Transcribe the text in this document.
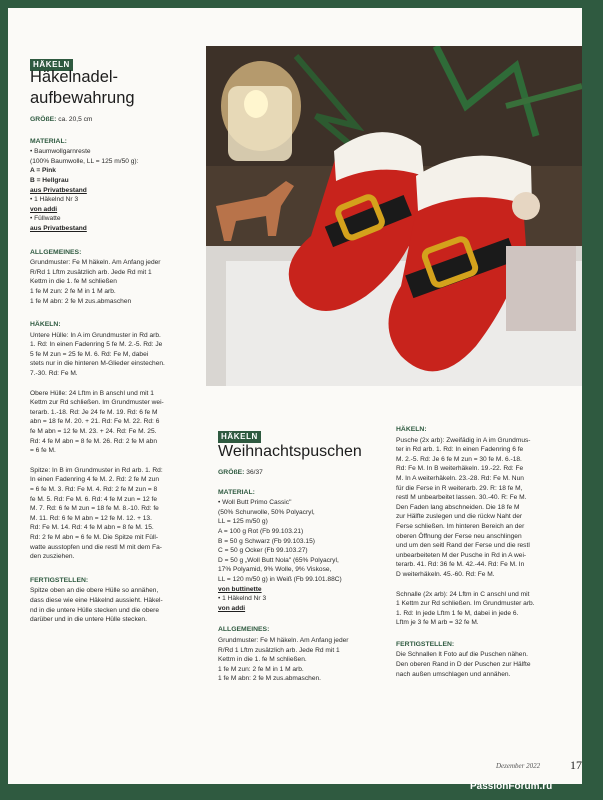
HÄKELN
Häkelnadel-
aufbewahrung

GRÖßE: ca. 20,5 cm

MATERIAL:
• Baumwollgarnreste
(100% Baumwolle, LL = 125 m/50 g):
A = Pink
B = Hellgrau
aus Privatbestand
• 1 Häkelnd Nr 3
von addi
• Füllwatte
aus Privatbestand
ALLGEMEINES:
Grundmuster: Fe M häkeln. Am Anfang jeder
R/Rd 1 Lftm zusätzlich arb. Jede Rd mit 1
Kettm in die 1. fe M schließen
1 fe M zun: 2 fe M in 1 M arb.
1 fe M abn: 2 fe M zus.abmaschen
HÄKELN:
Untere Hülle: In A im Grundmuster in Rd arb.
1. Rd: In einen Fadenring 5 fe M. 2.-5. Rd: Je
5 fe M zun = 25 fe M. 6. Rd: Fe M, dabei
stets nur in die hinteren M-Glieder einstechen.
7.-30. Rd: Fe M.
Obere Hülle: 24 Lftm in B anschl und mit 1
Kettm zur Rd schließen. Im Grundmuster wei-
terarb. 1.-18. Rd: Je 24 fe M. 19. Rd: 6 fe M
abn = 18 fe M. 20. + 21. Rd: Fe M. 22. Rd: 6
fe M abn = 12 fe M. 23. + 24. Rd: Fe M. 25.
Rd: 4 fe M abn = 8 fe M. 26. Rd: 2 fe M abn
= 6 fe M.
Spitze: In B im Grundmuster in Rd arb. 1. Rd:
In einen Fadenring 4 fe M. 2. Rd: 2 fe M zun
= 6 fe M. 3. Rd: Fe M. 4. Rd: 2 fe M zun = 8
fe M. 5. Rd: Fe M. 6. Rd: 4 fe M zun = 12 fe
M. 7. Rd: 6 fe M zun = 18 fe M. 8.-10. Rd: fe
M. 11. Rd: 6 fe M abn = 12 fe M. 12. + 13.
Rd: Fe M. 14. Rd: 4 fe M abn = 8 fe M. 15.
Rd: 2 fe M abn = 6 fe M. Die Spitze mit Füll-
watte ausstopfen und die restl M mit dem Fa-
den zusziehen.
FERTIGSTELLEN:
Spitze oben an die obere Hülle so annähen,
dass diese wie eine Häkelnd aussieht. Häkel-
nd in die untere Hülle stecken und die obere
darüber und in die untere Hülle stecken.
HÄKELN
Weihnachtspuschen

GRÖßE: 36/37

MATERIAL:
• Woll Butt Primo Cassic"
(50% Schurwolle, 50% Polyacryl,
LL = 125 m/50 g)
A = 100 g Rot (Fb 99.103.21)
B = 50 g Schwarz (Fb 99.103.15)
C = 50 g Ocker (Fb 99.103.27)
D = 50 g „Woll Butt Nola" (65% Polyacryl,
17% Polyamid, 9% Wolle, 9% Viskose,
LL = 120 m/50 g) in Weiß (Fb 99.101.88C)
von buttinette
• 1 Häkelnd Nr 3
von addi
ALLGEMEINES:
Grundmuster: Fe M häkeln. Am Anfang jeder
R/Rd 1 Lftm zusätzlich arb. Jede Rd mit 1
Kettm in die 1. fe M schließen.
1 fe M zun: 2 fe M in 1 M arb.
1 fe M abn: 2 fe M zus.abmaschen.
HÄKELN:
Pusche (2x arb): Zweifädig in A im Grundmus-
ter in Rd arb. 1. Rd: In einen Fadenring 6 fe
M. 2.-5. Rd: Je 6 fe M zun = 30 fe M. 6.-18.
Rd: Fe M. In B weiterhäkeln. 19.-22. Rd: Fe
M. In A weiterhäkeln. 23.-28. Rd: Fe M. Nun
für die Ferse in R weiterarb. 29. R: 18 fe M,
restl M unbearbeitet lassen. 30.-40. R: Fe M.
Den Faden lang abschneiden. Die 18 fe M
zur Hälfte zuslegen und die rückw Naht der
Ferse schließen. Im hinteren Bereich an der
oberen Öffnung der Ferse neu anschlingen
und um den seitl Rand der Ferse und die restl
unbearbeiteten M der Pusche in Rd in A wei-
terarb. 41. Rd: 36 fe M. 42.-44. Rd: Fe M. In
D weiterhäkeln. 45.-60. Rd: Fe M.
Schnalle (2x arb): 24 Lftm in C anschl und mit
1 Kettm zur Rd schließen. Im Grundmuster arb.
1. Rd: In jede Lftm 1 fe M, dabei in jede 6.
Lftm je 3 fe M arb = 32 fe M.
FERTIGSTELLEN:
Die Schnallen lt Foto auf die Puschen nähen.
Den oberen Rand in D der Puschen zur Hälfte
nach außen umschlagen und annähen.
Dezember 2022 17
PassionForum.ru
